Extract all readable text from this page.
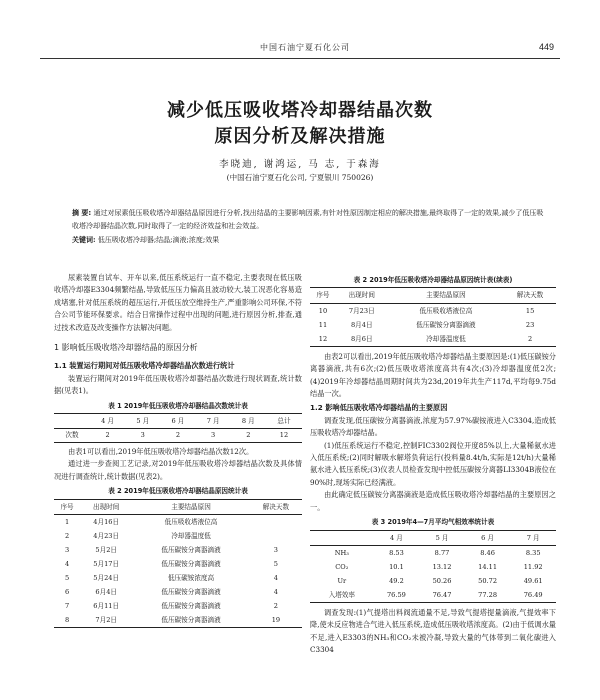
中国石油宁夏石化公司	449
减少低压吸收塔冷却器结晶次数
原因分析及解决措施
李晓迪, 谢鸿运, 马 志, 于森海
(中国石油宁夏石化公司, 宁夏银川 750026)
摘 要: 通过对尿素低压吸收塔冷却器结晶原因进行分析,找出结晶的主要影响因素,有针对性原因制定相应的解决措施,最终取得了一定的效果,减少了低压吸收塔冷却器结晶次数,同时取得了一定的经济效益和社会效益。
关键词: 低压吸收塔冷却器;结晶;滴液;浓度;效果

尿素装置自试车、开车以来,低压系统运行一直不稳定,主要表现在低压吸收塔冷却器E3304频繁结晶,导致低压压力偏高且波动较大,装工况恶化容易造成堵塞,针对低压系统的超压运行,开低压放空维持生产,严重影响公司环保,不符合公司节能环保要求。结合日常操作过程中出现的问题,进行原因分析,排查,通过技术改造及改变操作方法解决问题。

1 影响低压吸收塔冷却器结晶的原因分析

1.1 装置运行期间对低压吸收塔冷却器结晶次数进行统计

装置运行期间对2019年低压吸收塔冷却器结晶次数进行现状调查,统计数据(见表1)。

表 1 2019年低压吸收塔冷却器结晶次数统计表
	4 月	5 月	6 月	7 月	8 月	总计
次数	2	3	2	3	2	12

由表1可以看出,2019年低压吸收塔冷却器结晶次数12次。

通过进一步查阅工艺记录,对2019年低压吸收塔冷却器结晶次数及具体情况进行调查统计,统计数据(见表2)。

表 2 2019年低压吸收塔冷却器结晶原因统计表
序号	出现时间	主要结晶原因	解决天数
1	4月16日	低压吸收塔液位高	
2	4月23日	冷却器温度低	
3	5月2日	低压碳铵分离器滴液	3
4	5月17日	低压碳铵分离器滴液	5
5	5月24日	低压碳铵浓度高	4
6	6月4日	低压碳铵分离器滴液	4
7	6月11日	低压碳铵分离器滴液	2
8	7月2日	低压碳铵分离器滴液	19
表 2 2019年低压吸收塔冷却器结晶原因统计表(续表)
序号	出现时间	主要结晶原因	解决天数
10	7月23日	低压吸收塔液位高	15
11	8月4日	低压碳铵分离器滴液	23
12	8月6日	冷却器温度低	2

由表2可以看出,2019年低压吸收塔冷却器结晶主要原因是:(1)低压碳铵分离器滴液,共有6次;(2)低压吸收塔浓度高共有4次;(3)冷却器温度低2次;(4)2019年冷却器结晶周期时间共为23d,2019年共生产117d,平均每9.75d结晶一次。

1.2 影响低压吸收塔冷却器结晶的主要原因

调查发现,低压碳铵分离器滴液,浓度为57.97%碳铵液进入C3304,造成低压吸收塔冷却器结晶。

(1)低压系统运行不稳定,控制FIC3302阀位开度85%以上,大量稀氨水进入低压系统;(2)同时解吸水解塔负荷运行(投料量8.4t/h,实际是12t/h)大量稀氨水进入低压系统;(3)仪表人员检查发现中控低压碳铵分离器LI3304B液位在90%时,现场实际已经满液。

由此确定低压碳铵分离器滴液是造成低压吸收塔冷却器结晶的主要原因之一。

表 3 2019年4—7月平均气相效率统计表
	4 月	5 月	6 月	7 月
NH₃	8.53	8.77	8.46	8.35
CO₂	10.1	13.12	14.11	11.92
Ur	49.2	50.26	50.72	49.61
入塔效率	76.59	76.47	77.28	76.49

调查发现:(1)气提塔出料阀流通量不足,导致气提塔提量滴液,气提效率下降,使未反应物进合气进入低压系统,造成低压吸收塔浓度高。(2)由于低调水量不足,进入E3303的NH₃和CO₂未被冷凝,导致大量的气体带到二氧化碳进入C3304
